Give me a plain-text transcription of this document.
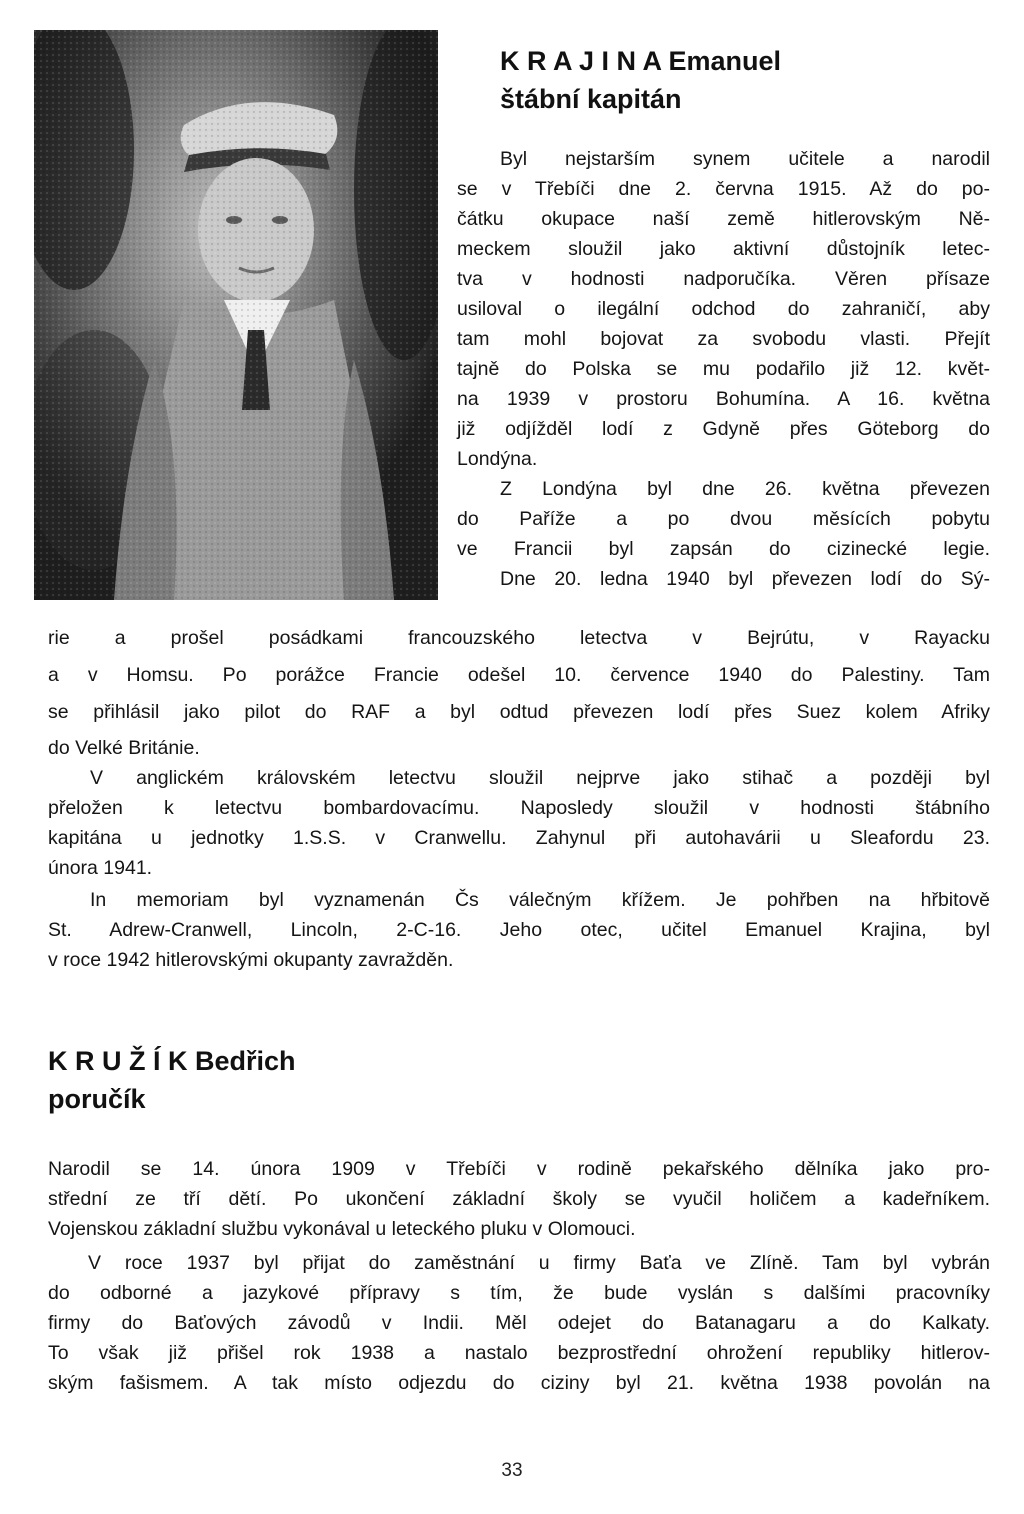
K R A J I N A Emanuel
štábní kapitán
Byl nejstarším synem učitele a narodil
se v Třebíči dne 2. června 1915. Až do po-
čátku okupace naší země hitlerovským Ně-
meckem sloužil jako aktivní důstojník letec-
tva v hodnosti nadporučíka. Věren přísaze
usiloval o ilegální odchod do zahraničí, aby
tam mohl bojovat za svobodu vlasti. Přejít
tajně do Polska se mu podařilo již 12. květ-
na 1939 v prostoru Bohumína. A 16. května
již odjížděl lodí z Gdyně přes Göteborg do
Londýna.
Z Londýna byl dne 26. května převezen
do Paříže a po dvou měsících pobytu
ve Francii byl zapsán do cizinecké legie.
Dne 20. ledna 1940 byl převezen lodí do Sý-
rie a prošel posádkami francouzského letectva v Bejrútu, v Rayacku
a v Homsu. Po porážce Francie odešel 10. července 1940 do Palestiny. Tam
se přihlásil jako pilot do RAF a byl odtud převezen lodí přes Suez kolem Afriky
do Velké Británie.
V anglickém královském letectvu sloužil nejprve jako stihač a později byl
přeložen k letectvu bombardovacímu. Naposledy sloužil v hodnosti štábního
kapitána u jednotky 1.S.S. v Cranwellu. Zahynul při autohavárii u Sleafordu 23.
února 1941.
In memoriam byl vyznamenán Čs válečným křížem. Je pohřben na hřbitově
St. Adrew-Cranwell, Lincoln, 2-C-16. Jeho otec, učitel Emanuel Krajina, byl
v roce 1942 hitlerovskými okupanty zavražděn.
K R U Ž Í K Bedřich
poručík
Narodil se 14. února 1909 v Třebíči v rodině pekařského dělníka jako pro-
střední ze tří dětí. Po ukončení základní školy se vyučil holičem a kadeřníkem.
Vojenskou základní službu vykonával u leteckého pluku v Olomouci.
V roce 1937 byl přijat do zaměstnání u firmy Baťa ve Zlíně. Tam byl vybrán
do odborné a jazykové přípravy s tím, že bude vyslán s dalšími pracovníky
firmy do Baťových závodů v Indii. Měl odejet do Batanagaru a do Kalkaty.
To však již přišel rok 1938 a nastalo bezprostřední ohrožení republiky hitlerov-
ským fašismem. A tak místo odjezdu do ciziny byl 21. května 1938 povolán na
33
